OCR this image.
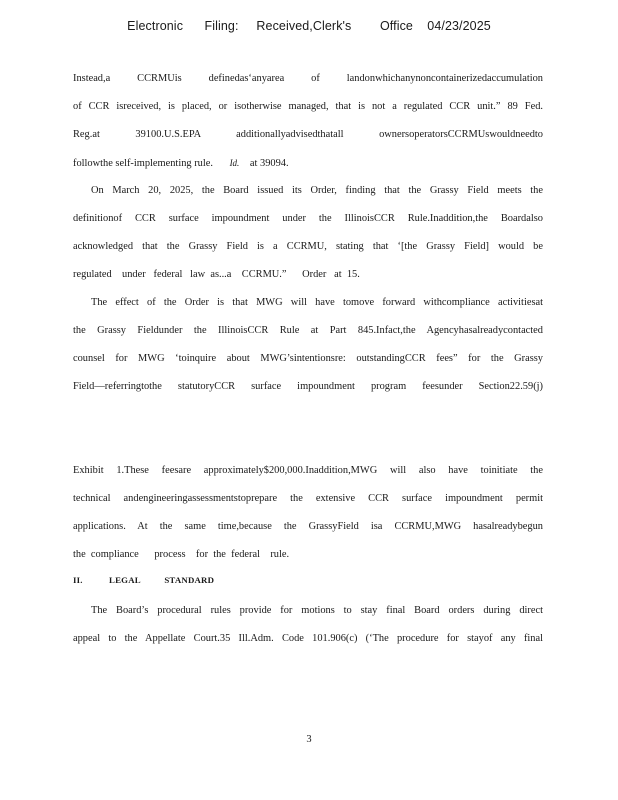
Electronic      Filing:     Received,Clerk's        Office    04/23/2025
Instead,a CCRMUis definedas‘anyarea of landonwhichanynoncontainerizedaccumulation
of CCR isreceived, is placed, or isotherwise managed, that is not a regulated CCR unit.” 89 Fed.
Reg.at 39100.U.S.EPA additionallyadvisedthatall ownersoperatorsCCRMUswouldneedto
followthe self-implementing rule. Id. at 39094.
On March 20, 2025, the Board issued its Order, finding that the Grassy Field meets the
definitionof CCR surface impoundment under the IllinoisCCR Rule.Inaddition,the Boardalso
acknowledged that the Grassy Field is a CCRMU, stating that ‘[the Grassy Field] would be
regulated    under   federal   law  as...a    CCRMU.”      Order   at  15.
The effect of the Order is that MWG will have tomove forward withcompliance activitiesat
the Grassy Fieldunder the IllinoisCCR Rule at Part 845.Infact,the Agencyhasalreadycontacted
counsel for MWG ‘toinquire about MWG’sintentionsre: outstandingCCR fees” for the Grassy
Field—referringtothe statutoryCCR surface impoundment program feesunder Section22.59(j)

Exhibit 1.These feesare approximately$200,000.Inaddition,MWG will also have toinitiate the
technical andengineeringassessmentstoprepare the extensive CCR surface impoundment permit
applications. At the same time,because the GrassyField isa CCRMU,MWG hasalreadybegun
the  compliance      process    for  the  federal    rule.
II.           LEGAL          STANDARD
The Board’s procedural rules provide for motions to stay final Board orders during direct
appeal to the Appellate Court.35 Ill.Adm. Code 101.906(c) (‘The procedure for stayof any final

3
